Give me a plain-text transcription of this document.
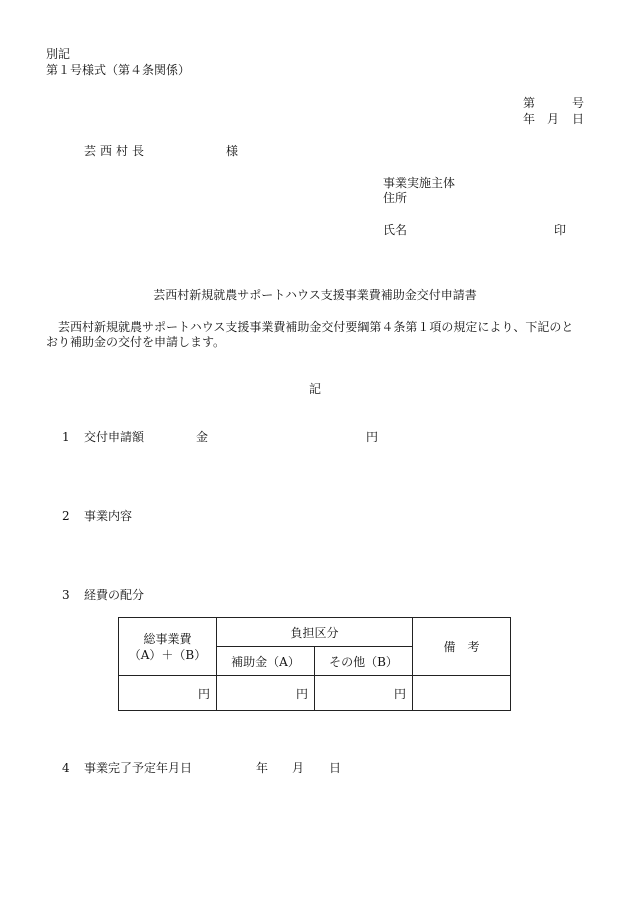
別記
第１号様式（第４条関係）
第	号
年 月 日
芸西村長	様
事業実施主体
住所
氏名	印
芸西村新規就農サポートハウス支援事業費補助金交付申請書
芸西村新規就農サポートハウス支援事業費補助金交付要綱第４条第１項の規定により、下記のと
おり補助金の交付を申請します。
記
1 交付申請額	金	円
2 事業内容
3 経費の配分
総事業費
（A）＋（B）	負担区分		備　考
	補助金（A）	その他（B）	
円	円	円	
4 事業完了予定年月日	年 月 日
